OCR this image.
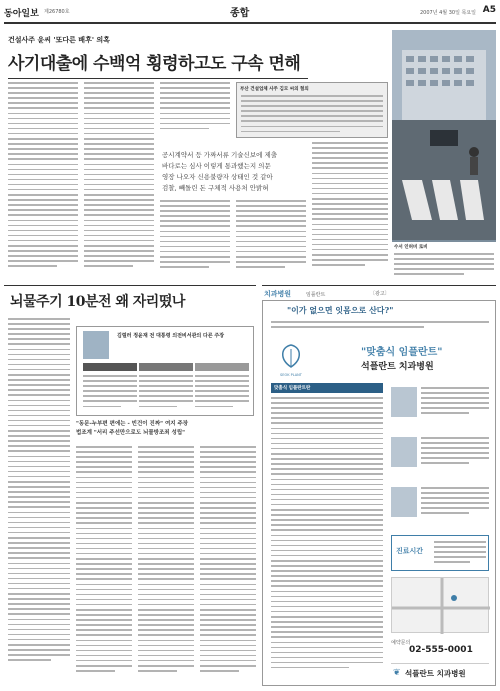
동아일보 제26780호	종합	2007년 4월 30일 목요일 A5
건설사주 윤씨 '또다른 배후' 의혹
사기대출에 수백억 횡령하고도 구속 면해
부산 건설업체 사주 김모 씨의 혐의
공시계약서 등 가짜서류 기술신보에 제출
바다로는 심사 이렇게 통과했는지 의문
영장 나오자 신용불량자 상태인 것 같아
검찰, 빼돌린 돈 구체적 사용처 안밝혀
수서 인허비 로비
뇌물주기 10분전 왜 자리떴나
김럴러 정윤재 전 대통령 의전비서관의 다른 주장
"동문-누부편 편에는 - 빈건이 진짜" 여지 주장
법조계 "서리 주선만으로도 뇌물방조죄 성립"
치과병원	임플란트	〔광고〕
"이가 없으면 잇몸으로 산다?"
SEOK PLANT
"맞춤식 임플란트"
석플란트 치과병원
맞춤식 임플란트란
진료시간
예약문의
02-555-0001
❦ 석플란트 치과병원
